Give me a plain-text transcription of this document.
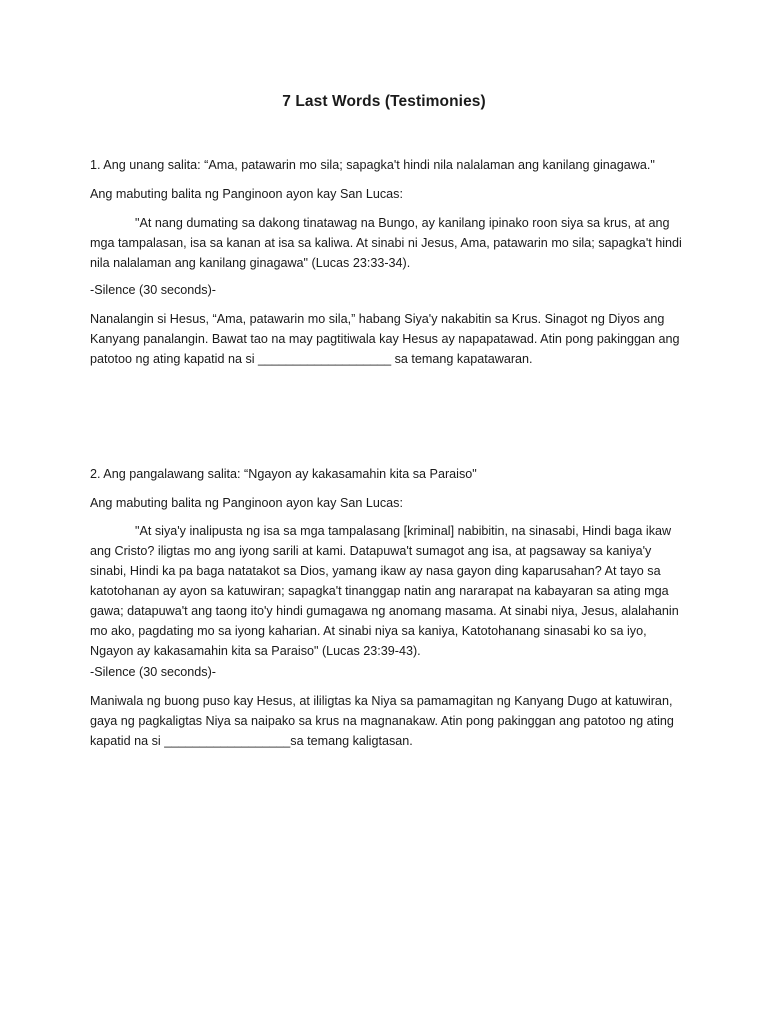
7 Last Words (Testimonies)

1. Ang unang salita: “Ama, patawarin mo sila; sapagka't hindi nila nalalaman ang kanilang ginagawa."

Ang mabuting balita ng Panginoon ayon kay San Lucas:

"At nang dumating sa dakong tinatawag na Bungo, ay kanilang ipinako roon siya sa krus, at ang mga tampalasan, isa sa kanan at isa sa kaliwa. At sinabi ni Jesus, Ama, patawarin mo sila; sapagka't hindi nila nalalaman ang kanilang ginagawa" (Lucas 23:33-34).

-Silence (30 seconds)-

Nanalangin si Hesus, “Ama, patawarin mo sila,” habang Siya'y nakabitin sa Krus. Sinagot ng Diyos ang Kanyang panalangin. Bawat tao na may pagtitiwala kay Hesus ay napapatawad. Atin pong pakinggan ang patotoo ng ating kapatid na si ___________________ sa temang kapatawaran.

2. Ang pangalawang salita: “Ngayon ay kakasamahin kita sa Paraiso"

Ang mabuting balita ng Panginoon ayon kay San Lucas:

"At siya'y inalipusta ng isa sa mga tampalasang [kriminal] nabibitin, na sinasabi, Hindi baga ikaw ang Cristo? iligtas mo ang iyong sarili at kami. Datapuwa't sumagot ang isa, at pagsaway sa kaniya'y sinabi, Hindi ka pa baga natatakot sa Dios, yamang ikaw ay nasa gayon ding kaparusahan? At tayo sa katotohanan ay ayon sa katuwiran; sapagka't tinanggap natin ang nararapat na kabayaran sa ating mga gawa; datapuwa't ang taong ito'y hindi gumagawa ng anomang masama. At sinabi niya, Jesus, alalahanin mo ako, pagdating mo sa iyong kaharian. At sinabi niya sa kaniya, Katotohanang sinasabi ko sa iyo, Ngayon ay kakasamahin kita sa Paraiso" (Lucas 23:39-43).

-Silence (30 seconds)-

Maniwala ng buong puso kay Hesus, at ililigtas ka Niya sa pamamagitan ng Kanyang Dugo at katuwiran, gaya ng pagkaligtas Niya sa naipako sa krus na magnanakaw. Atin pong pakinggan ang patotoo ng ating kapatid na si __________________sa temang kaligtasan.
